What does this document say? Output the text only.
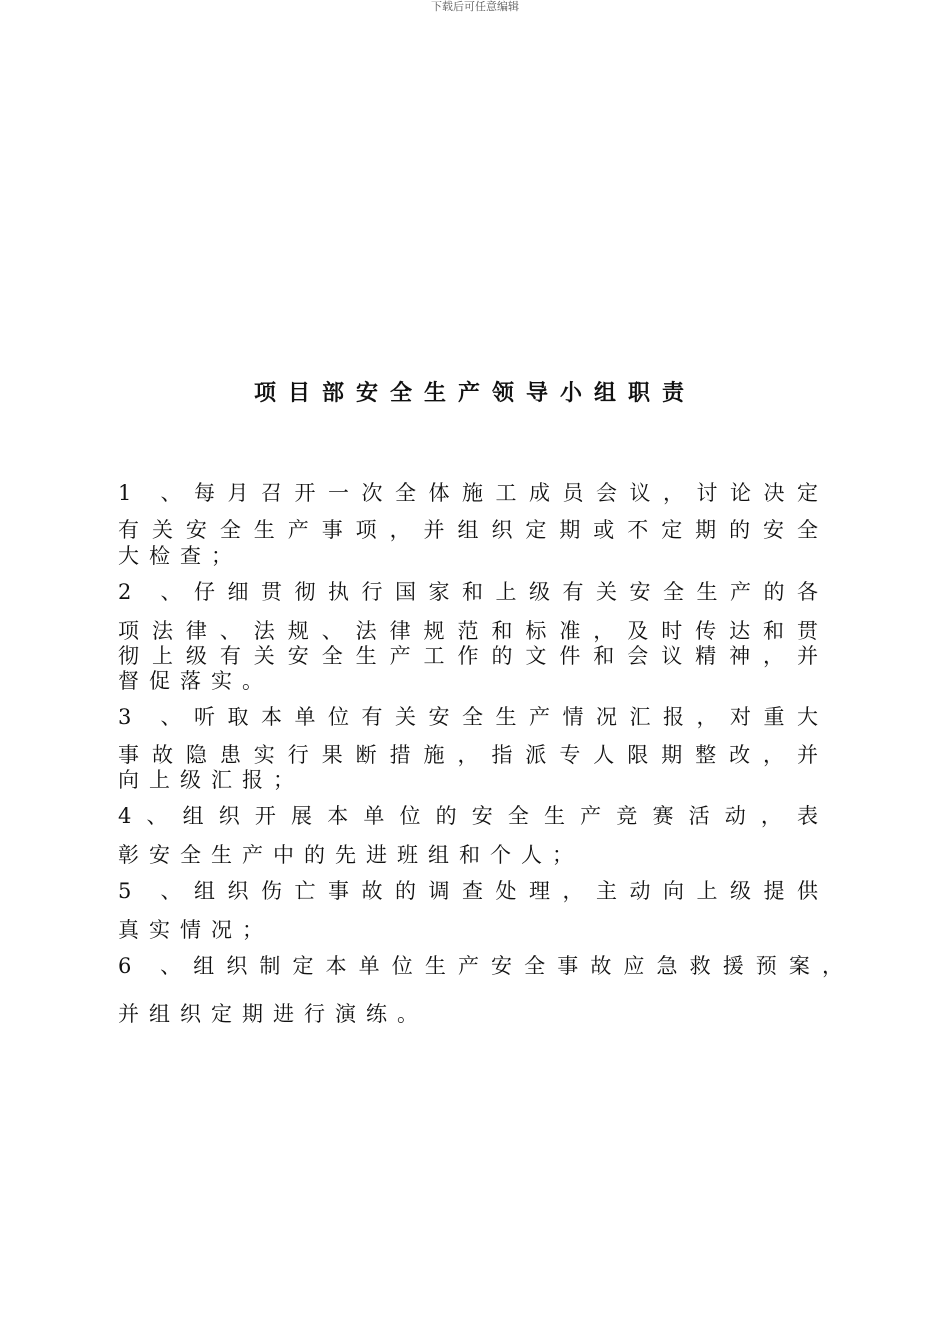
下载后可任意编辑
项目部安全生产领导小组职责
1 、每月召开一次全体施工成员会议，讨论决定
有关安全生产事项，并组织定期或不定期的安全
大检查；
2 、仔细贯彻执行国家和上级有关安全生产的各
项法律、法规、法律规范和标准，及时传达和贯
彻上级有关安全生产工作的文件和会议精神，并
督促落实。
3 、听取本单位有关安全生产情况汇报，对重大
事故隐患实行果断措施，指派专人限期整改，并
向上级汇报；
4、组织开展本单位的安全生产竞赛活动，表
彰安全生产中的先进班组和个人；
5 、组织伤亡事故的调查处理，主动向上级提供
真实情况；
6 、组织制定本单位生产安全事故应急救援预案，
并组织定期进行演练。
